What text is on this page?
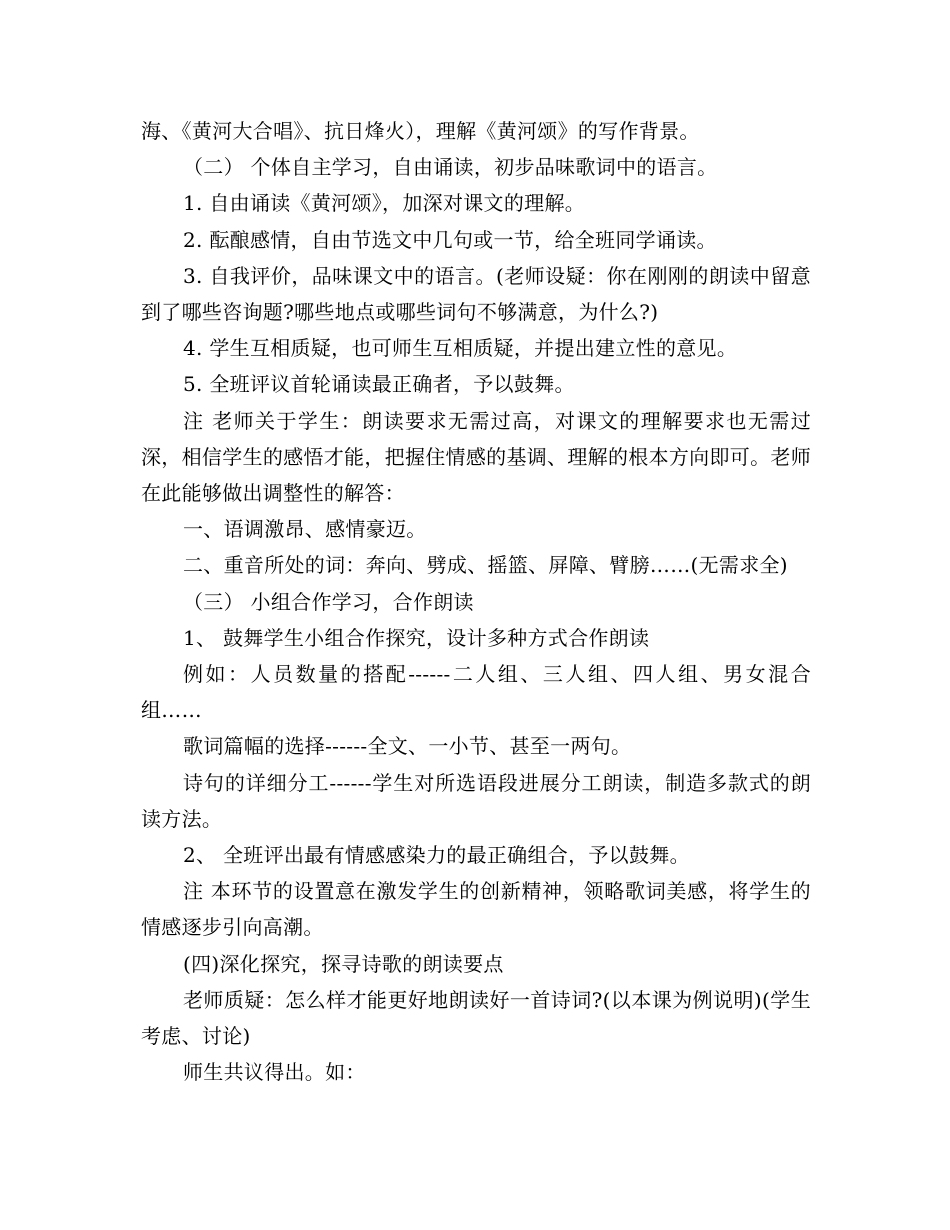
海、《黄河大合唱》、抗日烽火），理解《黄河颂》的写作背景。

（二） 个体自主学习，自由诵读，初步品味歌词中的语言。

1. 自由诵读《黄河颂》，加深对课文的理解。

2. 酝酿感情，自由节选文中几句或一节，给全班同学诵读。

3. 自我评价，品味课文中的语言。(老师设疑：你在刚刚的朗读中留意到了哪些咨询题?哪些地点或哪些词句不够满意，为什么?)

4. 学生互相质疑，也可师生互相质疑，并提出建立性的意见。

5. 全班评议首轮诵读最正确者，予以鼓舞。

注 老师关于学生：朗读要求无需过高，对课文的理解要求也无需过深，相信学生的感悟才能，把握住情感的基调、理解的根本方向即可。老师在此能够做出调整性的解答：

一、语调激昂、感情豪迈。

二、重音所处的词：奔向、劈成、摇篮、屏障、臂膀……(无需求全)

（三） 小组合作学习，合作朗读

1、 鼓舞学生小组合作探究，设计多种方式合作朗读

例如：人员数量的搭配------二人组、三人组、四人组、男女混合组……

歌词篇幅的选择------全文、一小节、甚至一两句。

诗句的详细分工------学生对所选语段进展分工朗读，制造多款式的朗读方法。

2、 全班评出最有情感感染力的最正确组合，予以鼓舞。

注 本环节的设置意在激发学生的创新精神，领略歌词美感，将学生的情感逐步引向高潮。

(四)深化探究，探寻诗歌的朗读要点

老师质疑：怎么样才能更好地朗读好一首诗词?(以本课为例说明)(学生考虑、讨论)

师生共议得出。如：
